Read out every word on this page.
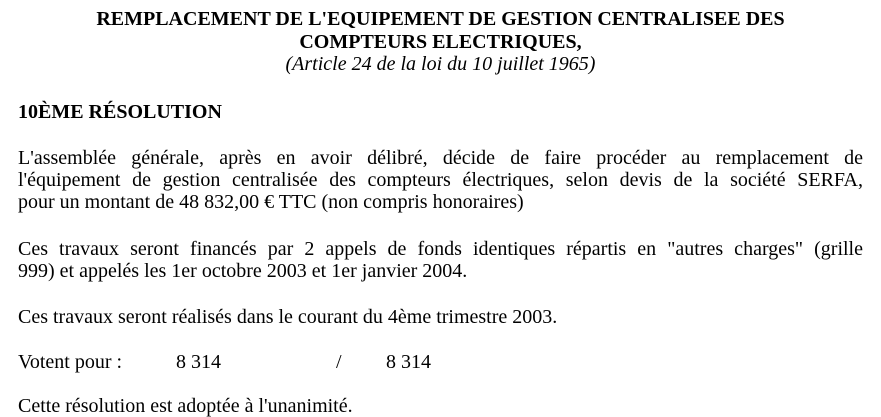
REMPLACEMENT DE L'EQUIPEMENT DE GESTION CENTRALISEE DES
COMPTEURS ELECTRIQUES,
(Article 24 de la loi du 10 juillet 1965)
10ÈME RÉSOLUTION
L'assemblée générale, après en avoir délibré, décide de faire procéder au remplacement de
l'équipement de gestion centralisée des compteurs électriques, selon devis de la société SERFA,
pour un montant de 48 832,00 € TTC (non compris honoraires)
Ces travaux seront financés par 2 appels de fonds identiques répartis en "autres charges" (grille
999) et appelés les 1er octobre 2003 et 1er janvier 2004.
Ces travaux seront réalisés dans le courant du 4ème trimestre 2003.
Votent pour :	8 314	/ 8 314
Cette résolution est adoptée à l'unanimité.
